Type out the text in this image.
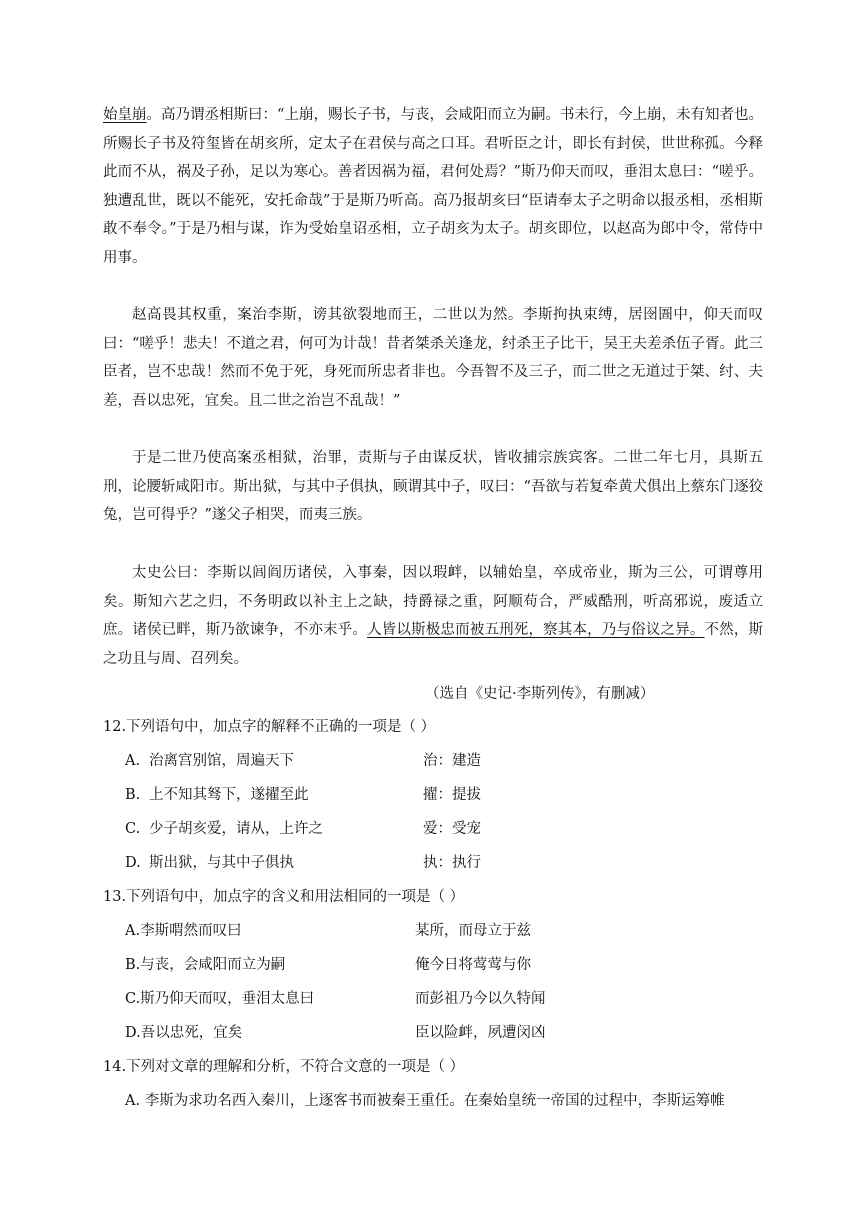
始皇崩。高乃谓丞相斯曰：“上崩，赐长子书，与丧，会咸阳而立为嗣。书未行，今上崩，未有知者也。所赐长子书及符玺皆在胡亥所，定太子在君侯与高之口耳。君听臣之计，即长有封侯，世世称孤。今释此而不从，祸及子孙，足以为寒心。善者因祸为福，君何处焉？”斯乃仰天而叹，垂泪太息曰：“嗟乎。独遭乱世，既以不能死，安托命哉”于是斯乃听高。高乃报胡亥曰“臣请奉太子之明命以报丞相，丞相斯敢不奉令。”于是乃相与谋，诈为受始皇诏丞相，立子胡亥为太子。胡亥即位，以赵高为郎中令，常侍中用事。

赵高畏其权重，案治李斯，谤其欲裂地而王，二世以为然。李斯拘执束缚，居囹圄中，仰天而叹曰：“嗟乎！悲夫！不道之君，何可为计哉！昔者桀杀关逢龙，纣杀王子比干，吴王夫差杀伍子胥。此三臣者，岂不忠哉！然而不免于死，身死而所忠者非也。今吾智不及三子，而二世之无道过于桀、纣、夫差，吾以忠死，宜矣。且二世之治岂不乱哉！”

于是二世乃使高案丞相狱，治罪，责斯与子由谋反状，皆收捕宗族宾客。二世二年七月，具斯五刑，论腰斩咸阳市。斯出狱，与其中子俱执，顾谓其中子，叹曰：“吾欲与若复牵黄犬俱出上蔡东门逐狡兔，岂可得乎？”遂父子相哭，而夷三族。

太史公曰：李斯以闾阎历诸侯，入事秦，因以瑕衅，以辅始皇，卒成帝业，斯为三公，可谓尊用矣。斯知六艺之归，不务明政以补主上之缺，持爵禄之重，阿顺苟合，严威酷刑，听高邪说，废适立庶。诸侯已畔，斯乃欲谏争，不亦末乎。人皆以斯极忠而被五刑死，察其本，乃与俗议之异。不然，斯之功且与周、召列矣。

（选自《史记·李斯列传》，有删减）
12.下列语句中，加点字的解释不正确的一项是（ ）
A. 治离宫别馆，周遍天下	治：建造
B. 上不知其驽下，遂擢至此	擢：提拔
C. 少子胡亥爱，请从，上许之	爱：受宠
D. 斯出狱，与其中子俱执	执：执行
13.下列语句中，加点字的含义和用法相同的一项是（ ）
A.李斯喟然而叹曰	某所，而母立于兹
B.与丧，会咸阳而立为嗣	俺今日将莺莺与你
C.斯乃仰天而叹，垂泪太息曰	而彭祖乃今以久特闻
D.吾以忠死，宜矣	臣以险衅，夙遭闵凶
14.下列对文章的理解和分析，不符合文意的一项是（ ）
A. 李斯为求功名西入秦川，上逐客书而被秦王重任。在秦始皇统一帝国的过程中，李斯运筹帷
